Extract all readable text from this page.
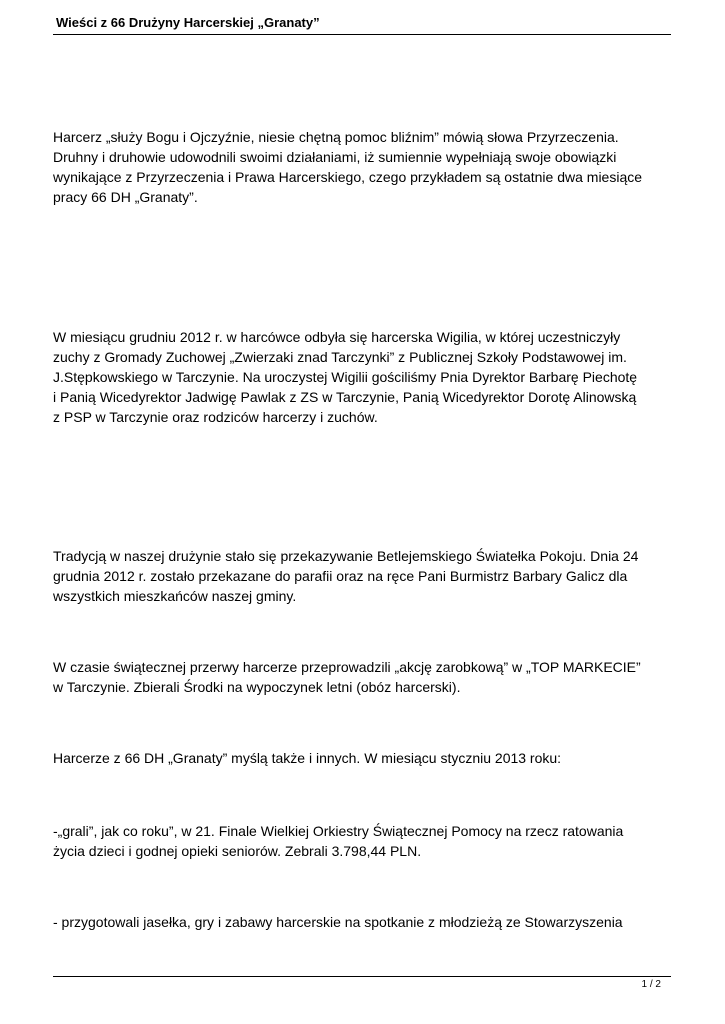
Wieści z 66 Drużyny Harcerskiej „Granaty”

Harcerz „służy Bogu i Ojczyźnie, niesie chętną pomoc bliźnim” mówią słowa Przyrzeczenia.
Druhny i druhowie udowodnili swoimi działaniami, iż sumiennie wypełniają swoje obowiązki
wynikające z Przyrzeczenia i Prawa Harcerskiego, czego przykładem są ostatnie dwa miesiące
pracy 66 DH „Granaty”.

W miesiącu grudniu 2012 r. w harcówce odbyła się harcerska Wigilia, w której uczestniczyły
zuchy z Gromady Zuchowej „Zwierzaki znad Tarczynki” z Publicznej Szkoły Podstawowej im.
J.Stępkowskiego w Tarczynie. Na uroczystej Wigilii gościliśmy Pnia Dyrektor Barbarę Piechotę
i Panią Wicedyrektor Jadwigę Pawlak z ZS w Tarczynie, Panią Wicedyrektor Dorotę Alinowską
z PSP w Tarczynie oraz rodziców harcerzy i zuchów.

Tradycją w naszej drużynie stało się przekazywanie Betlejemskiego Światełka Pokoju. Dnia 24
grudnia 2012 r. zostało przekazane do parafii oraz na ręce Pani Burmistrz Barbary Galicz dla
wszystkich mieszkańców naszej gminy.

W czasie świątecznej przerwy harcerze przeprowadzili „akcję zarobkową” w „TOP MARKECIE”
w Tarczynie. Zbierali Środki na wypoczynek letni (obóz harcerski).

Harcerze z 66 DH „Granaty” myślą także i innych. W miesiącu styczniu 2013 roku:

-„grali”, jak co roku”, w 21. Finale Wielkiej Orkiestry Świątecznej Pomocy na rzecz ratowania
życia dzieci i godnej opieki seniorów. Zebrali 3.798,44 PLN.

- przygotowali jasełka, gry i zabawy harcerskie na spotkanie z młodzieżą ze Stowarzyszenia

1 / 2
